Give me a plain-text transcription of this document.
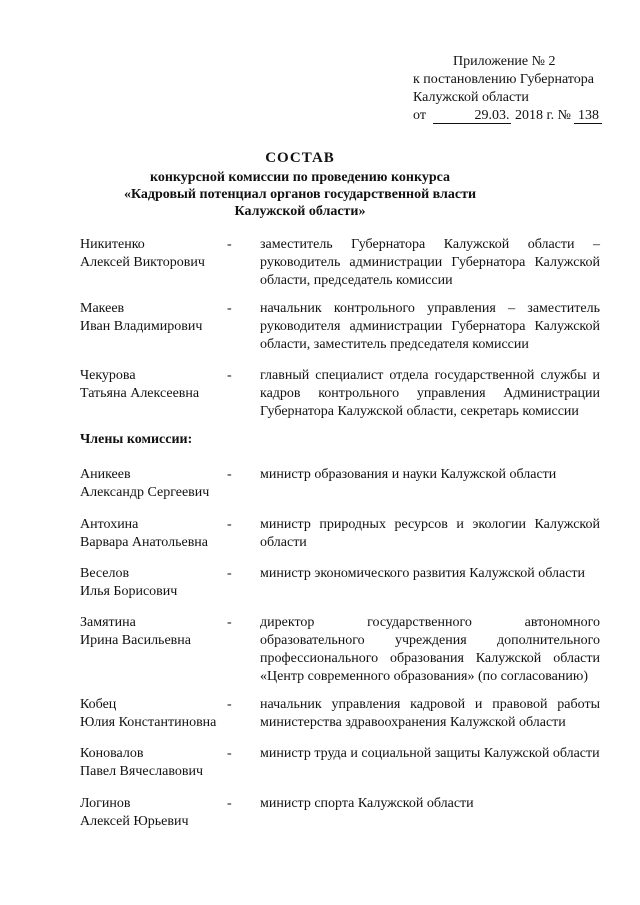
Приложение № 2
к постановлению Губернатора
Калужской области
от	29.03. 2018 г. № 138
СОСТАВ
конкурсной комиссии по проведению конкурса
«Кадровый потенциал органов государственной власти
Калужской области»
Никитенко
Алексей Викторович
- заместитель Губернатора Калужской области – руководитель администрации Губернатора Калужской области, председатель комиссии
Макеев
Иван Владимирович
- начальник контрольного управления – заместитель руководителя администрации Губернатора Калужской области, заместитель председателя комиссии
Чекурова
Татьяна Алексеевна
- главный специалист отдела государственной службы и кадров контрольного управления Администрации Губернатора Калужской области, секретарь комиссии
Члены комиссии:
Аникеев
Александр Сергеевич
- министр образования и науки Калужской области
Антохина
Варвара Анатольевна
- министр природных ресурсов и экологии Калужской области
Веселов
Илья Борисович
- министр экономического развития Калужской области
Замятина
Ирина Васильевна
- директор государственного автономного образовательного учреждения дополнительного профессионального образования Калужской области «Центр современного образования» (по согласованию)
Кобец
Юлия Константиновна
- начальник управления кадровой и правовой работы министерства здравоохранения Калужской области
Коновалов
Павел Вячеславович
- министр труда и социальной защиты Калужской области
Логинов
Алексей Юрьевич
- министр спорта Калужской области
